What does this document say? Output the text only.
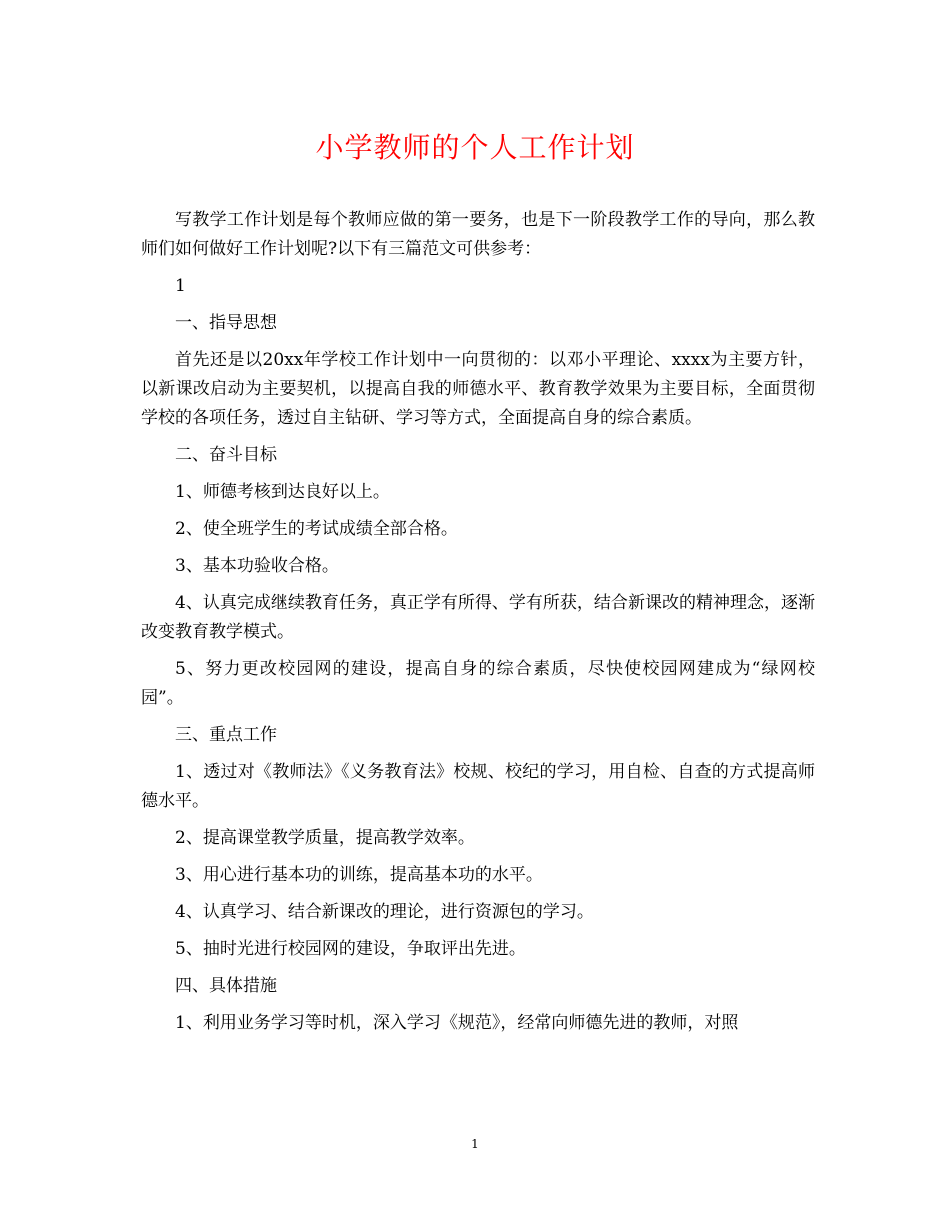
小学教师的个人工作计划

写教学工作计划是每个教师应做的第一要务，也是下一阶段教学工作的导向，那么教师们如何做好工作计划呢?以下有三篇范文可供参考：

1

一、指导思想

首先还是以20xx年学校工作计划中一向贯彻的：以邓小平理论、xxxx为主要方针，以新课改启动为主要契机，以提高自我的师德水平、教育教学效果为主要目标，全面贯彻学校的各项任务，透过自主钻研、学习等方式，全面提高自身的综合素质。

二、奋斗目标

1、师德考核到达良好以上。

2、使全班学生的考试成绩全部合格。

3、基本功验收合格。

4、认真完成继续教育任务，真正学有所得、学有所获，结合新课改的精神理念，逐渐改变教育教学模式。

5、努力更改校园网的建设，提高自身的综合素质，尽快使校园网建成为“绿网校园”。

三、重点工作

1、透过对《教师法》《义务教育法》校规、校纪的学习，用自检、自查的方式提高师德水平。

2、提高课堂教学质量，提高教学效率。

3、用心进行基本功的训练，提高基本功的水平。

4、认真学习、结合新课改的理论，进行资源包的学习。

5、抽时光进行校园网的建设，争取评出先进。

四、具体措施

1、利用业务学习等时机，深入学习《规范》，经常向师德先进的教师，对照

1
